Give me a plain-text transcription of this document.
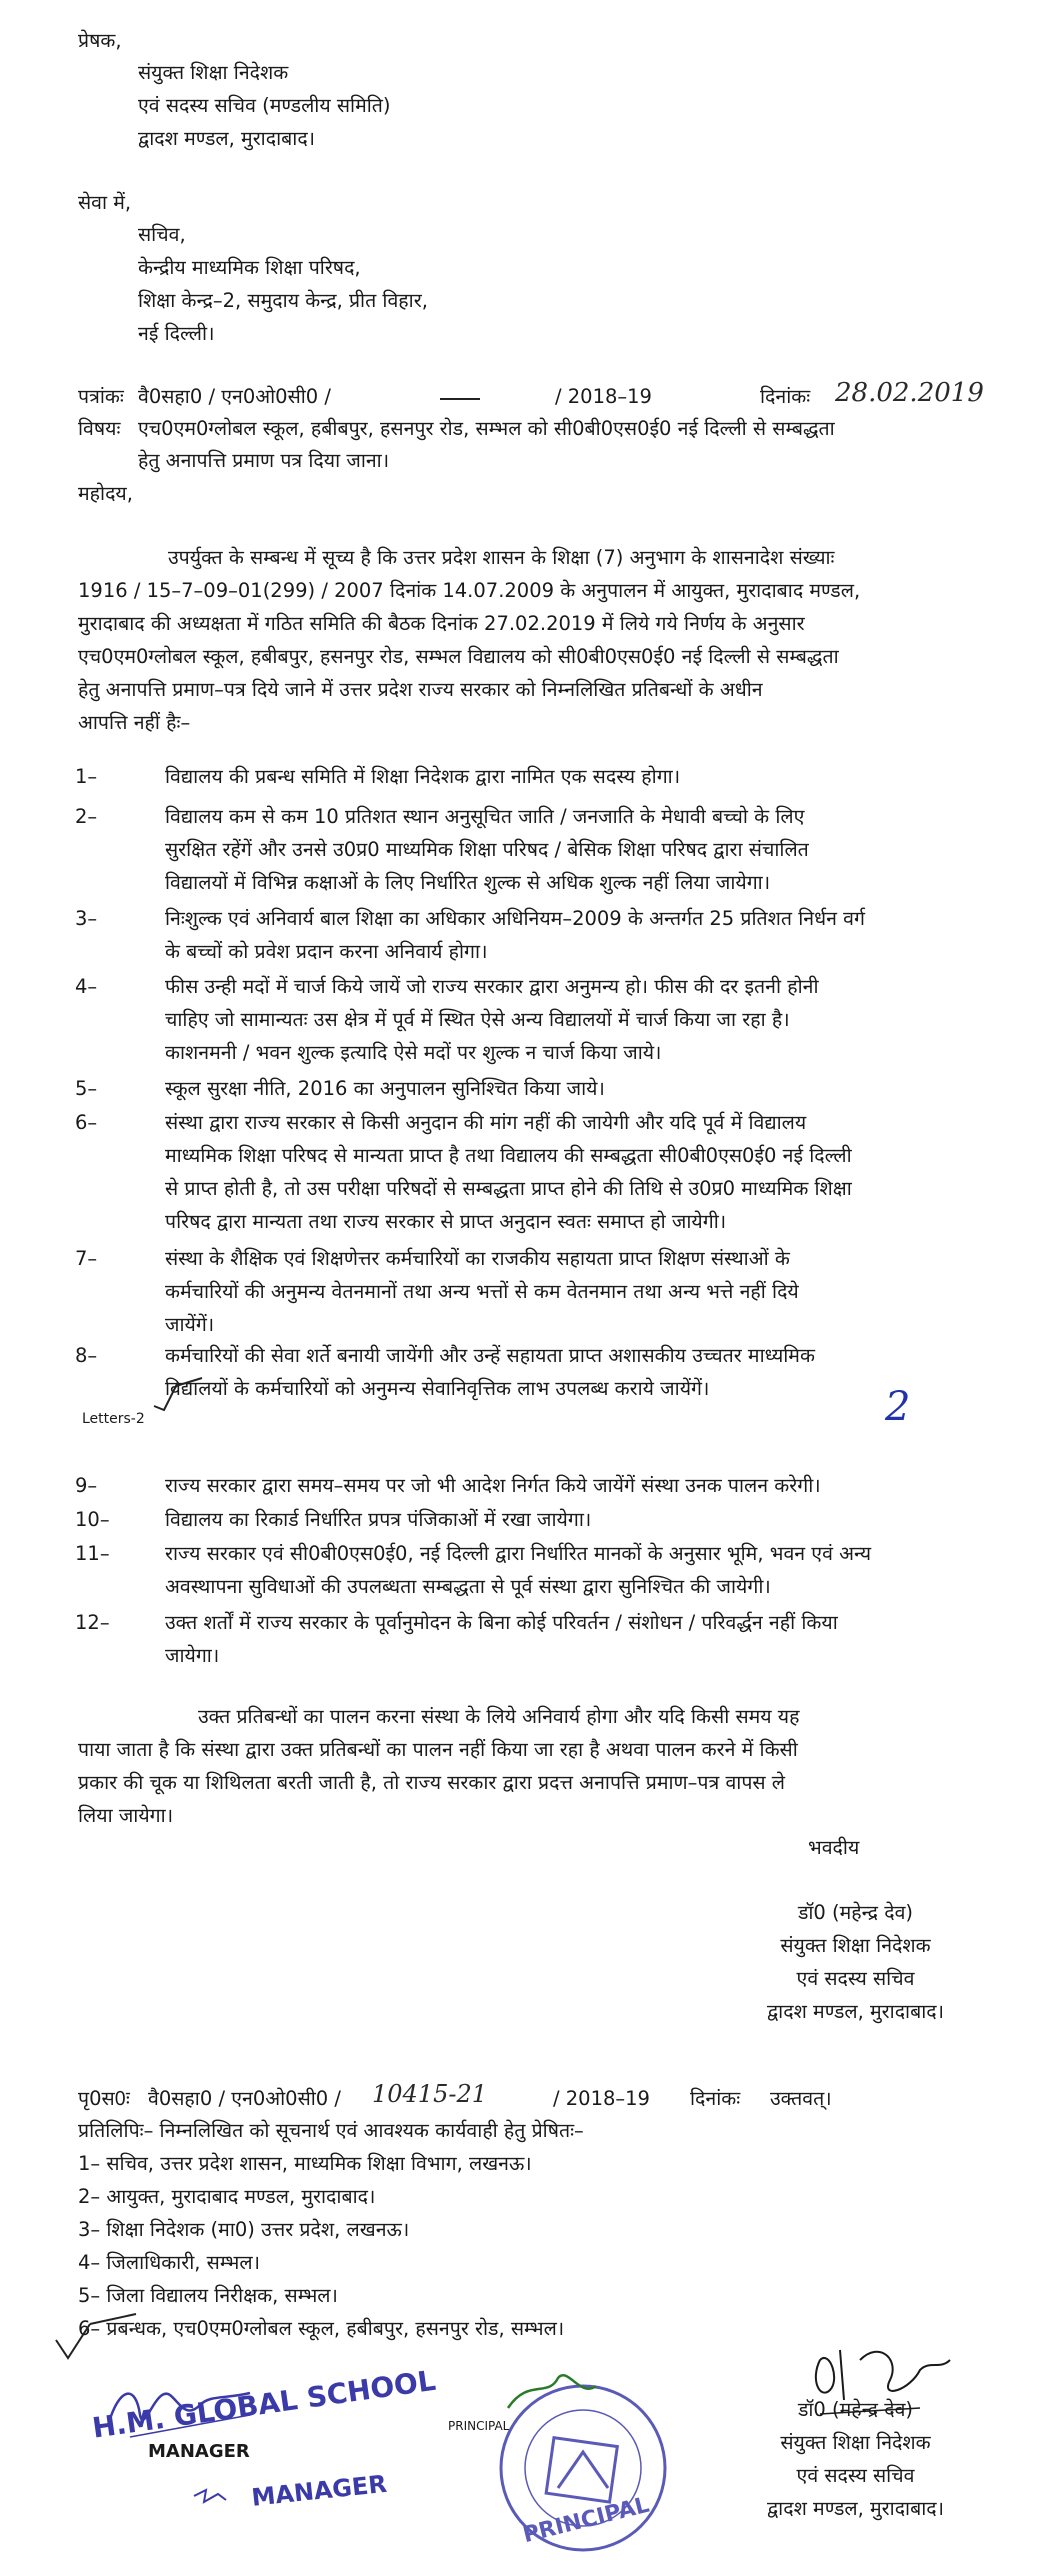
प्रेषक,
संयुक्त शिक्षा निदेशक
एवं सदस्य सचिव (मण्डलीय समिति)
द्वादश मण्डल, मुरादाबाद।
सेवा में,
सचिव,
केन्द्रीय माध्यमिक शिक्षा परिषद,
शिक्षा केन्द्र–2, समुदाय केन्द्र, प्रीत विहार,
नई दिल्ली।
पत्रांकः वै0सहा0 / एन0ओ0सी0 /	/ 2018–19	दिनांकः 28.02.2019
विषयः एच0एम0ग्लोबल स्कूल, हबीबपुर, हसनपुर रोड, सम्भल को सी0बी0एस0ई0 नई दिल्ली से सम्बद्धता
हेतु अनापत्ति प्रमाण पत्र दिया जाना।
महोदय,
उपर्युक्त के सम्बन्ध में सूच्य है कि उत्तर प्रदेश शासन के शिक्षा (7) अनुभाग के शासनादेश संख्याः
1916 / 15–7–09–01(299) / 2007 दिनांक 14.07.2009 के अनुपालन में आयुक्त, मुरादाबाद मण्डल,
मुरादाबाद की अध्यक्षता में गठित समिति की बैठक दिनांक 27.02.2019 में लिये गये निर्णय के अनुसार
एच0एम0ग्लोबल स्कूल, हबीबपुर, हसनपुर रोड, सम्भल विद्यालय को सी0बी0एस0ई0 नई दिल्ली से सम्बद्धता
हेतु अनापत्ति प्रमाण–पत्र दिये जाने में उत्तर प्रदेश राज्य सरकार को निम्नलिखित प्रतिबन्धों के अधीन
आपत्ति नहीं हैः–
1–	विद्यालय की प्रबन्ध समिति में शिक्षा निदेशक द्वारा नामित एक सदस्य होगा।
2–	विद्यालय कम से कम 10 प्रतिशत स्थान अनुसूचित जाति / जनजाति के मेधावी बच्चो के लिए
सुरक्षित रहेंगें और उनसे उ0प्र0 माध्यमिक शिक्षा परिषद / बेसिक शिक्षा परिषद द्वारा संचालित
विद्यालयों में विभिन्न कक्षाओं के लिए निर्धारित शुल्क से अधिक शुल्क नहीं लिया जायेगा।
3–	निःशुल्क एवं अनिवार्य बाल शिक्षा का अधिकार अधिनियम–2009 के अन्तर्गत 25 प्रतिशत निर्धन वर्ग
के बच्चों को प्रवेश प्रदान करना अनिवार्य होगा।
4–	फीस उन्ही मदों में चार्ज किये जायें जो राज्य सरकार द्वारा अनुमन्य हो। फीस की दर इतनी होनी
चाहिए जो सामान्यतः उस क्षेत्र में पूर्व में स्थित ऐसे अन्य विद्यालयों में चार्ज किया जा रहा है।
काशनमनी / भवन शुल्क इत्यादि ऐसे मदों पर शुल्क न चार्ज किया जाये।
5–	स्कूल सुरक्षा नीति, 2016 का अनुपालन सुनिश्चित किया जाये।
6–	संस्था द्वारा राज्य सरकार से किसी अनुदान की मांग नहीं की जायेगी और यदि पूर्व में विद्यालय
माध्यमिक शिक्षा परिषद से मान्यता प्राप्त है तथा विद्यालय की सम्बद्धता सी0बी0एस0ई0 नई दिल्ली
से प्राप्त होती है, तो उस परीक्षा परिषदों से सम्बद्धता प्राप्त होने की तिथि से उ0प्र0 माध्यमिक शिक्षा
परिषद द्वारा मान्यता तथा राज्य सरकार से प्राप्त अनुदान स्वतः समाप्त हो जायेगी।
7–	संस्था के शैक्षिक एवं शिक्षणेत्तर कर्मचारियों का राजकीय सहायता प्राप्त शिक्षण संस्थाओं के
कर्मचारियों की अनुमन्य वेतनमानों तथा अन्य भत्तों से कम वेतनमान तथा अन्य भत्ते नहीं दिये
जायेंगें।
8–	कर्मचारियों की सेवा शर्ते बनायी जायेंगी और उन्हें सहायता प्राप्त अशासकीय उच्चतर माध्यमिक
विद्यालयों के कर्मचारियों को अनुमन्य सेवानिवृत्तिक लाभ उपलब्ध कराये जायेंगें।
Letters-2	2
9–	राज्य सरकार द्वारा समय–समय पर जो भी आदेश निर्गत किये जायेंगें संस्था उनक पालन करेगी।
10–	विद्यालय का रिकार्ड निर्धारित प्रपत्र पंजिकाओं में रखा जायेगा।
11–	राज्य सरकार एवं सी0बी0एस0ई0, नई दिल्ली द्वारा निर्धारित मानकों के अनुसार भूमि, भवन एवं अन्य
अवस्थापना सुविधाओं की उपलब्धता सम्बद्धता से पूर्व संस्था द्वारा सुनिश्चित की जायेगी।
12–	उक्त शर्तों में राज्य सरकार के पूर्वानुमोदन के बिना कोई परिवर्तन / संशोधन / परिवर्द्धन नहीं किया
जायेगा।
उक्त प्रतिबन्धों का पालन करना संस्था के लिये अनिवार्य होगा और यदि किसी समय यह
पाया जाता है कि संस्था द्वारा उक्त प्रतिबन्धों का पालन नहीं किया जा रहा है अथवा पालन करने में किसी
प्रकार की चूक या शिथिलता बरती जाती है, तो राज्य सरकार द्वारा प्रदत्त अनापत्ति प्रमाण–पत्र वापस ले
लिया जायेगा।
भवदीय
डॉ0 (महेन्द्र देव)
संयुक्त शिक्षा निदेशक
एवं सदस्य सचिव
द्वादश मण्डल, मुरादाबाद।
पृ0स0ः वै0सहा0 / एन0ओ0सी0 / 10415-21	/ 2018–19 दिनांकः उक्तवत्।
प्रतिलिपिः– निम्नलिखित को सूचनार्थ एवं आवश्यक कार्यवाही हेतु प्रेषितः–
1– सचिव, उत्तर प्रदेश शासन, माध्यमिक शिक्षा विभाग, लखनऊ।
2– आयुक्त, मुरादाबाद मण्डल, मुरादाबाद।
3– शिक्षा निदेशक (मा0) उत्तर प्रदेश, लखनऊ।
4– जिलाधिकारी, सम्भल।
5– जिला विद्यालय निरीक्षक, सम्भल।
6– प्रबन्धक, एच0एम0ग्लोबल स्कूल, हबीबपुर, हसनपुर रोड, सम्भल।
H.M. GLOBAL SCHOOL
MANAGER
MANAGER
PRINCIPAL
PRINCIPAL
डॉ0 (महेन्द्र देव)
संयुक्त शिक्षा निदेशक
एवं सदस्य सचिव
द्वादश मण्डल, मुरादाबाद।
